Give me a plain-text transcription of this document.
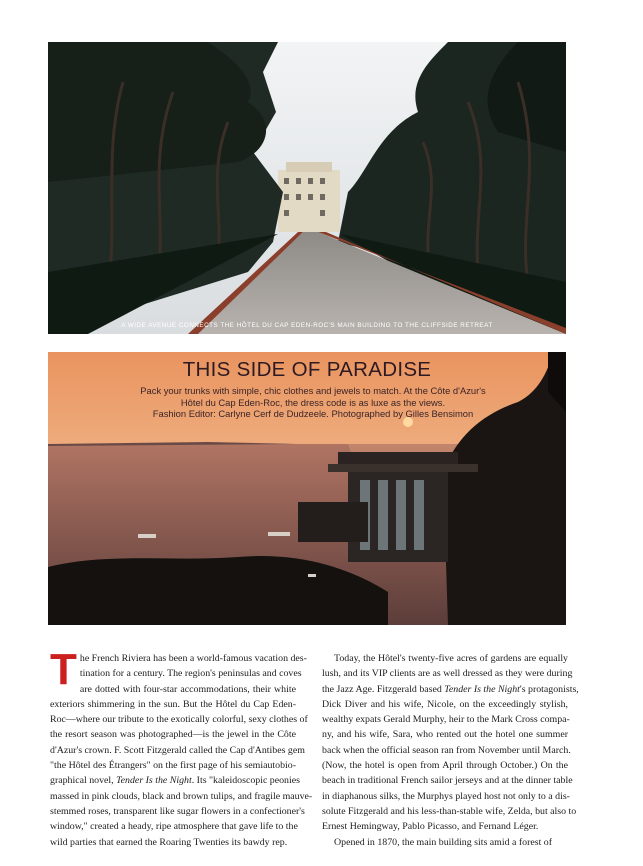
A WIDE AVENUE CONNECTS THE HÔTEL DU CAP EDEN-ROC'S MAIN BUILDING TO THE CLIFFSIDE RETREAT
THIS SIDE OF PARADISE
Pack your trunks with simple, chic clothes and jewels to match. At the Côte d'Azur's
Hôtel du Cap Eden-Roc, the dress code is as luxe as the views.
Fashion Editor: Carlyne Cerf de Dudzeele. Photographed by Gilles Bensimon
T he French Riviera has been a world-famous vacation des-
tination for a century. The region's peninsulas and coves
are dotted with four-star accommodations, their white
exteriors shimmering in the sun. But the Hôtel du Cap Eden-
Roc—where our tribute to the exotically colorful, sexy clothes of
the resort season was photographed—is the jewel in the Côte
d'Azur's crown. F. Scott Fitzgerald called the Cap d'Antibes gem
"the Hôtel des Étrangers" on the first page of his semiautobio-
graphical novel, Tender Is the Night. Its "kaleidoscopic peonies
massed in pink clouds, black and brown tulips, and fragile mauve-
stemmed roses, transparent like sugar flowers in a confectioner's
window," created a heady, ripe atmosphere that gave life to the
wild parties that earned the Roaring Twenties its bawdy rep.
Today, the Hôtel's twenty-five acres of gardens are equally
lush, and its VIP clients are as well dressed as they were during
the Jazz Age. Fitzgerald based Tender Is the Night's protagonists,
Dick Diver and his wife, Nicole, on the exceedingly stylish,
wealthy expats Gerald Murphy, heir to the Mark Cross compa-
ny, and his wife, Sara, who rented out the hotel one summer
back when the official season ran from November until March.
(Now, the hotel is open from April through October.) On the
beach in traditional French sailor jerseys and at the dinner table
in diaphanous silks, the Murphys played host not only to a dis-
solute Fitzgerald and his less-than-stable wife, Zelda, but also to
Ernest Hemingway, Pablo Picasso, and Fernand Léger.
Opened in 1870, the main building sits amid a forest of
